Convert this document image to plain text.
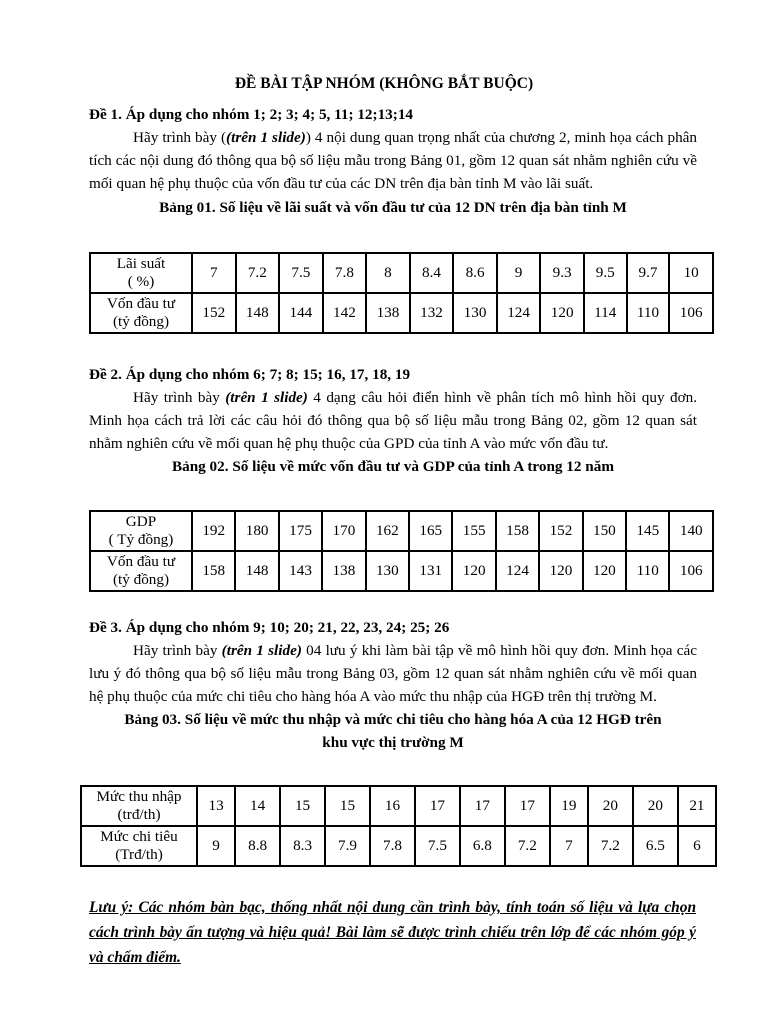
ĐỀ BÀI TẬP NHÓM (KHÔNG BẮT BUỘC)

Đề 1. Áp dụng cho nhóm 1; 2; 3; 4; 5, 11; 12;13;14

Hãy trình bày ((trên 1 slide)) 4 nội dung quan trọng nhất của chương 2, minh họa cách phân tích các nội dung đó thông qua bộ số liệu mẫu trong Bảng 01, gồm 12 quan sát nhằm nghiên cứu về mối quan hệ phụ thuộc của vốn đầu tư của các DN trên địa bàn tỉnh M vào lãi suất.

Bảng 01. Số liệu về lãi suất và vốn đầu tư của 12 DN trên địa bàn tỉnh M

Lãi suất
( %)	7	7.2	7.5	7.8	8	8.4	8.6	9	9.3	9.5	9.7	10
Vốn đầu tư
(tỷ đồng)	152	148	144	142	138	132	130	124	120	114	110	106

Đề 2. Áp dụng cho nhóm 6; 7; 8; 15; 16, 17, 18, 19

Hãy trình bày (trên 1 slide) 4 dạng câu hỏi điển hình về phân tích mô hình hồi quy đơn. Minh họa cách trả lời các câu hỏi đó thông qua bộ số liệu mẫu trong Bảng 02, gồm 12 quan sát nhằm nghiên cứu về mối quan hệ phụ thuộc của GPD của tỉnh A vào mức vốn đầu tư.

Bảng 02. Số liệu về mức vốn đầu tư và GDP của tỉnh A trong 12 năm

GDP
( Tỷ đồng)	192	180	175	170	162	165	155	158	152	150	145	140
Vốn đầu tư
(tỷ đồng)	158	148	143	138	130	131	120	124	120	120	110	106

Đề 3. Áp dụng cho nhóm 9; 10; 20; 21, 22, 23, 24; 25; 26

Hãy trình bày (trên 1 slide) 04 lưu ý khi làm bài tập về mô hình hồi quy đơn. Minh họa các lưu ý đó thông qua bộ số liệu mẫu trong Bảng 03, gồm 12 quan sát nhằm nghiên cứu về mối quan hệ phụ thuộc của mức chi tiêu cho hàng hóa A vào mức thu nhập của HGĐ trên thị trường M.

Bảng 03. Số liệu về mức thu nhập và mức chi tiêu cho hàng hóa A của 12 HGĐ trên
khu vực thị trường M

Mức thu nhập
(trđ/th)	13	14	15	15	16	17	17	17	19	20	20	21
Mức chi tiêu
(Trđ/th)	9	8.8	8.3	7.9	7.8	7.5	6.8	7.2	7	7.2	6.5	6
Lưu ý: Các nhóm bàn bạc, thống nhất nội dung cần trình bày, tính toán số liệu và lựa chọn cách trình bày ấn tượng và hiệu quả! Bài làm sẽ được trình chiếu trên lớp để các nhóm góp ý và chấm điểm.
